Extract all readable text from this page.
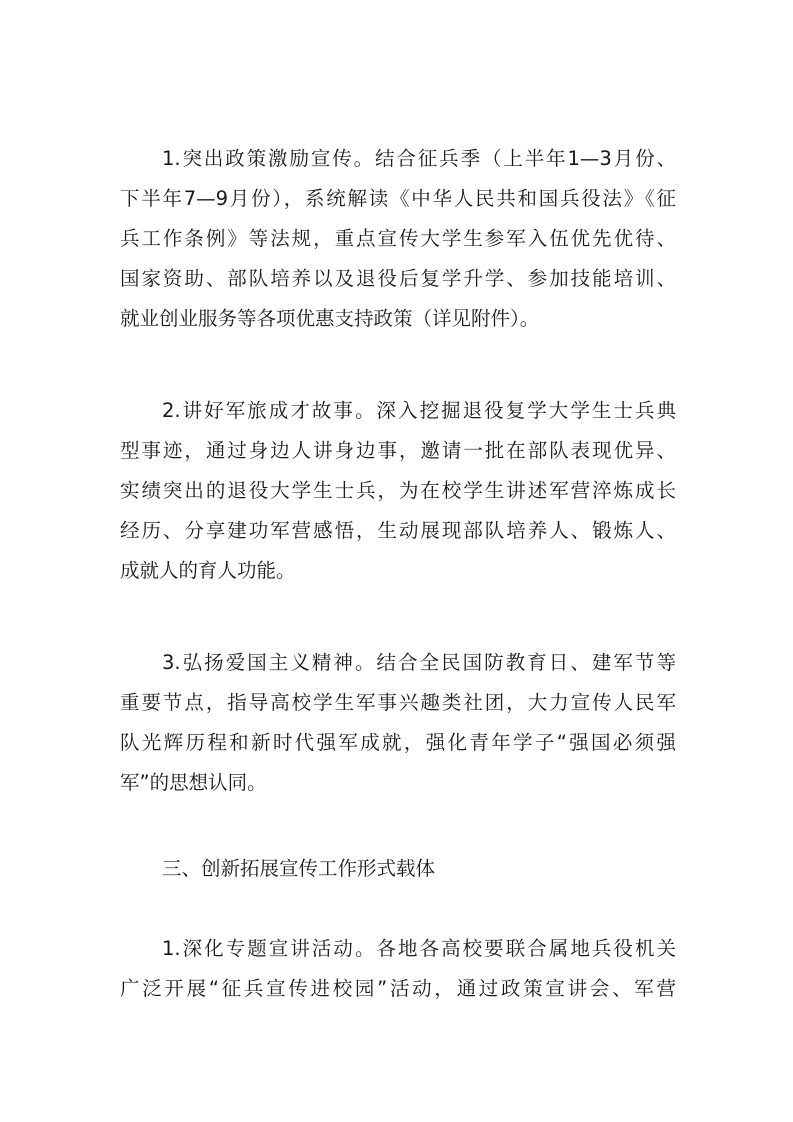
1.突出政策激励宣传。结合征兵季（上半年1—3月份、
下半年7—9月份），系统解读《中华人民共和国兵役法》《征
兵工作条例》等法规，重点宣传大学生参军入伍优先优待、
国家资助、部队培养以及退役后复学升学、参加技能培训、
就业创业服务等各项优惠支持政策（详见附件）。
2.讲好军旅成才故事。深入挖掘退役复学大学生士兵典
型事迹，通过身边人讲身边事，邀请一批在部队表现优异、
实绩突出的退役大学生士兵，为在校学生讲述军营淬炼成长
经历、分享建功军营感悟，生动展现部队培养人、锻炼人、
成就人的育人功能。
3.弘扬爱国主义精神。结合全民国防教育日、建军节等
重要节点，指导高校学生军事兴趣类社团，大力宣传人民军
队光辉历程和新时代强军成就，强化青年学子“强国必须强
军”的思想认同。
三、创新拓展宣传工作形式载体
1.深化专题宣讲活动。各地各高校要联合属地兵役机关
广泛开展“征兵宣传进校园”活动，通过政策宣讲会、军营
